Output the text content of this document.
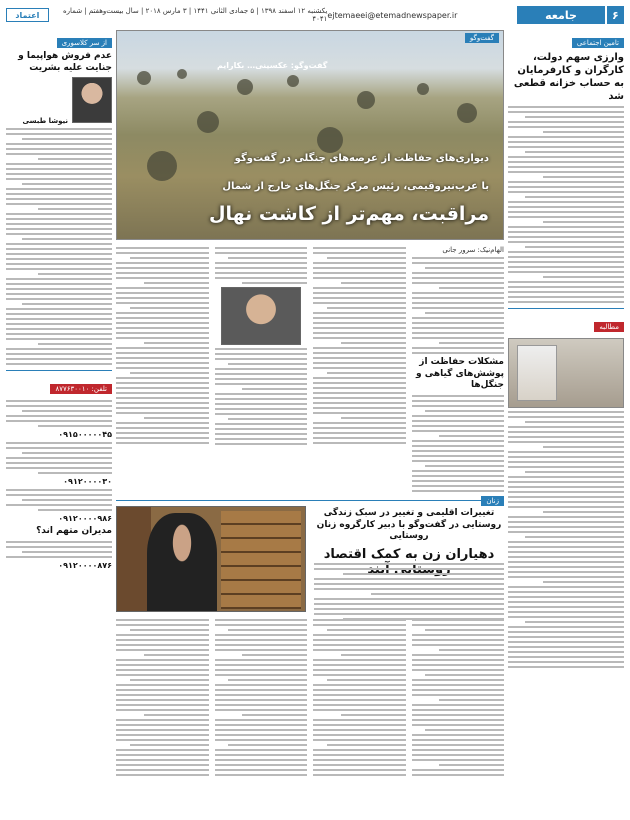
۶
جامعه
ejtemaeei@etemadnewspaper.ir
یکشنبه ۱۲ اسفند ۱۳۹۸ | ۵ جمادی الثانی ۱۴۴۱ | ۳ مارس ۲۰۱۸ | سال بیست‌وهفتم | شماره ۴۰۴۱
اعتماد
تامین اجتماعی
وارزی سهم دولت، کارگران و کارفرمایان به حساب خزانه قطعی شد
مطالبه
از سر کلاسوری
عدم فروش هواپیما و جنایت علیه بشریت
نیوشا طبسی
تلفن: ۸۷۷۶۳۰۰۱۰
۰۹۱۵۰۰۰۰۰۴۵
۰۹۱۲۰۰۰۰۳۰
۰۹۱۲۰۰۰۰۹۸۶
مدیران متهم اند؟
۰۹۱۲۰۰۰۰۸۷۶
گفت‌وگو
گفت‌وگو: عکسینی… بکارایم
دیواری‌های حفاظت از عرصه‌های جنگلی در گفت‌وگو
با عرب‌نیرو‌قیمی، رئیس مرکز جنگل‌های خارج از شمال
مراقبت، مهم‌تر از کاشت نهال
الهام‌نیک: سرور جانی
مشکلات حفاظت از پوشش‌های گیاهی و جنگل‌ها
زنان
تغییرات اقلیمی و تغییر در سبک زندگی روستایی در گفت‌وگو با دبیر کارگروه زنان روستایی
دهیاران زن به کمک اقتصاد
